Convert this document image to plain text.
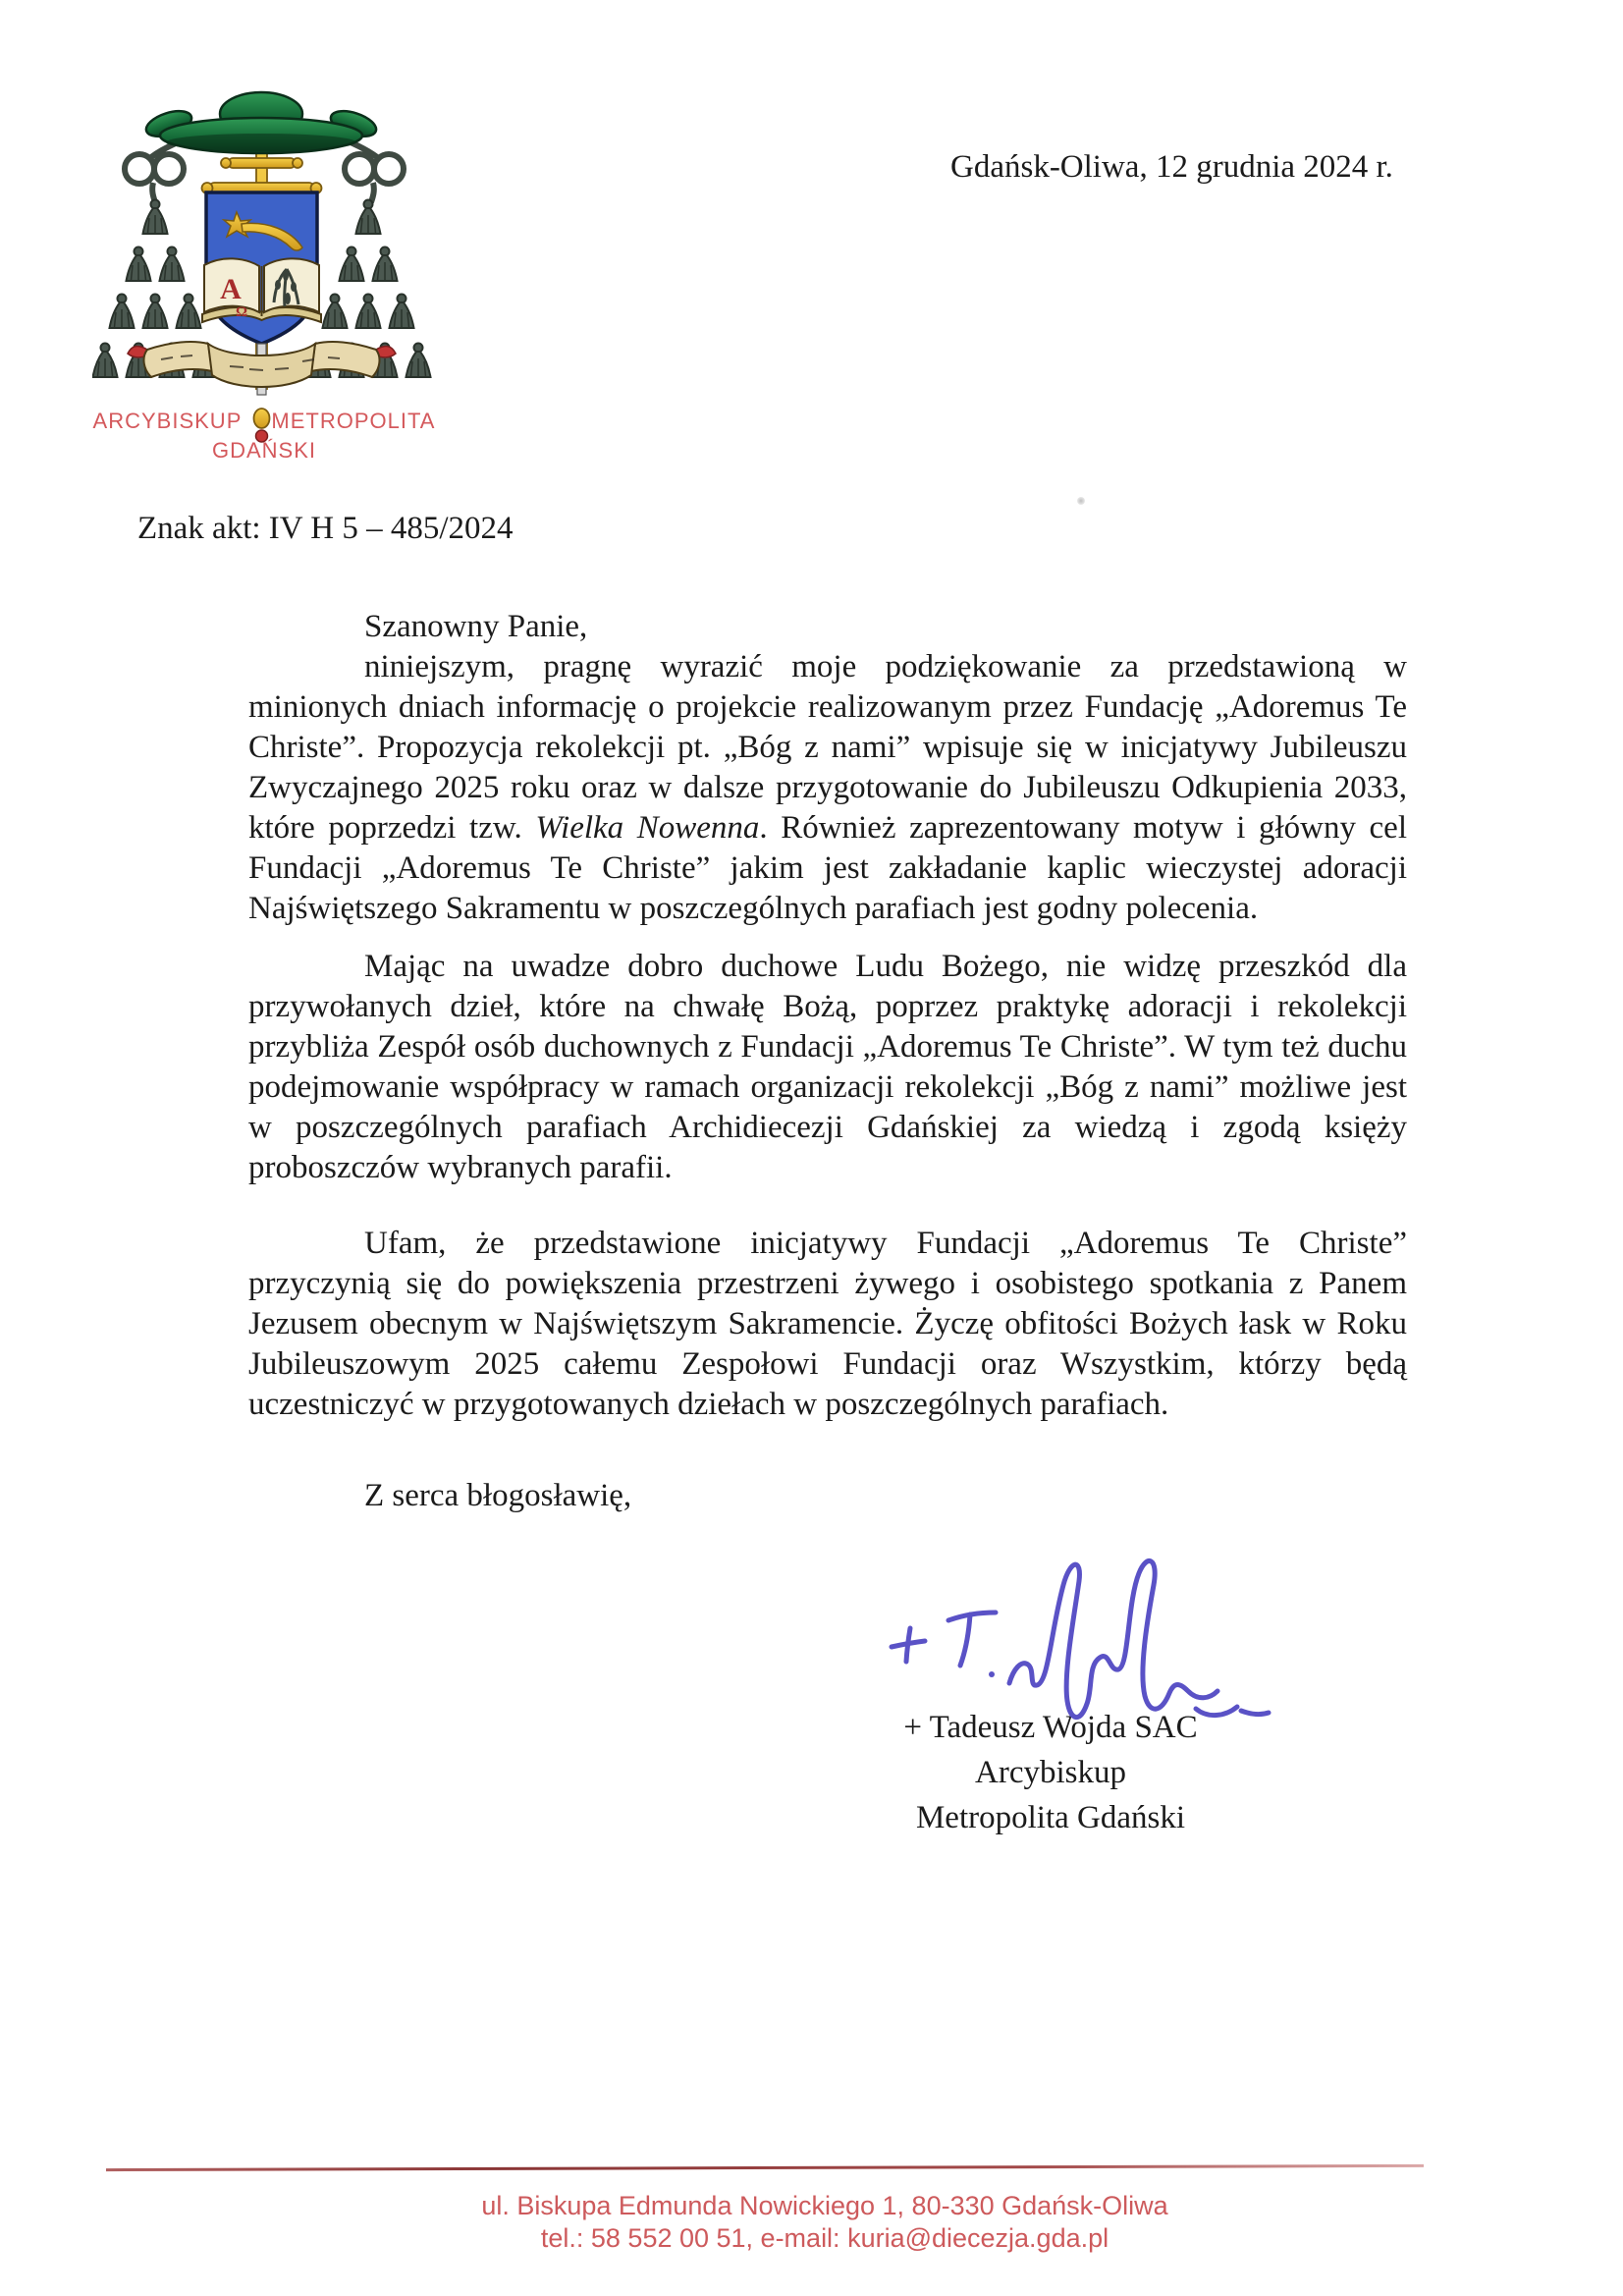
A
Ω
ARCYBISKUP METROPOLITA
GDAŃSKI
Gdańsk-Oliwa, 12 grudnia 2024 r.
Znak akt: IV H 5 – 485/2024

Szanowny Panie,

niniejszym, pragnę wyrazić moje podziękowanie za przedstawioną w minionych dniach informację o projekcie realizowanym przez Fundację „Adoremus Te Christe”. Propozycja rekolekcji pt. „Bóg z nami” wpisuje się w inicjatywy Jubileuszu Zwyczajnego 2025 roku oraz w dalsze przygotowanie do Jubileuszu Odkupienia 2033, które poprzedzi tzw. Wielka Nowenna. Również zaprezentowany motyw i główny cel Fundacji „Adoremus Te Christe” jakim jest zakładanie kaplic wieczystej adoracji Najświętszego Sakramentu w poszczególnych parafiach jest godny polecenia.

Mając na uwadze dobro duchowe Ludu Bożego, nie widzę przeszkód dla przywołanych dzieł, które na chwałę Bożą, poprzez praktykę adoracji i rekolekcji przybliża Zespół osób duchownych z Fundacji „Adoremus Te Christe”. W tym też duchu podejmowanie współpracy w ramach organizacji rekolekcji „Bóg z nami” możliwe jest w poszczególnych parafiach Archidiecezji Gdańskiej za wiedzą i zgodą księży proboszczów wybranych parafii.

Ufam, że przedstawione inicjatywy Fundacji „Adoremus Te Christe” przyczynią się do powiększenia przestrzeni żywego i osobistego spotkania z Panem Jezusem obecnym w Najświętszym Sakramencie. Życzę obfitości Bożych łask w Roku Jubileuszowym 2025 całemu Zespołowi Fundacji oraz Wszystkim, którzy będą uczestniczyć w przygotowanych dziełach w poszczególnych parafiach.

Z serca błogosławię,

+ Tadeusz Wojda SAC
Arcybiskup
Metropolita Gdański
ul. Biskupa Edmunda Nowickiego 1, 80-330 Gdańsk-Oliwa
tel.: 58 552 00 51, e-mail: kuria@diecezja.gda.pl
